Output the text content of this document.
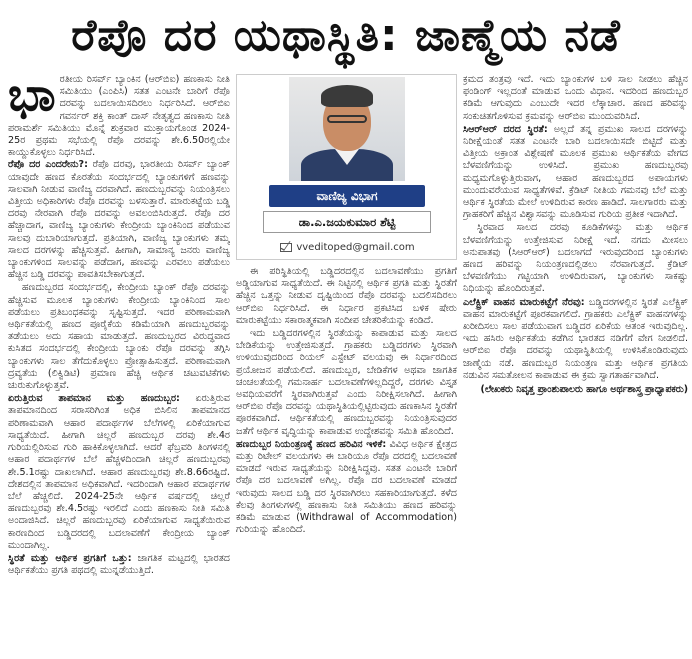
ರೆಪೊ ದರ ಯಥಾಸ್ಥಿತಿ: ಜಾಣ್ಮೆಯ ನಡೆ
ಭಾರತೀಯ ರಿಸರ್ವ್ ಬ್ಯಾಂಕಿನ (ಆರ್‌ಬಿಐ) ಹಣಕಾಸು ನೀತಿ ಸಮಿತಿಯು (ಎಂಪಿಸಿ) ಸತತ ಎಂಟನೇ ಬಾರಿಗೆ ರೆಪೊ ದರವನ್ನು ಬದಲಾಯಿಸದಿರಲು ನಿರ್ಧರಿಸಿದೆ. ಆರ್‌ಬಿಐ ಗವರ್ನರ್ ಶಕ್ತಿ ಕಾಂತ್ ದಾಸ್ ನೇತೃತ್ವದ ಹಣಕಾಸು ನೀತಿ ಪರಾಮರ್ಶೆ ಸಮಿತಿಯು ಮೊನ್ನೆ ಶುಕ್ರವಾರ ಮುಕ್ತಾಯಗೊಂಡ 2024-25ರ ಪ್ರಥಮ ಸಭೆಯಲ್ಲಿ ರೆಪೊ ದರವನ್ನು ಶೇ.6.50ರಲ್ಲಿಯೇ ಕಾಯ್ದುಕೊಳ್ಳಲು ನಿರ್ಧರಿಸಿದೆ.

ರೆಪೊ ದರ ಎಂದರೇನು?: ರೆಪೊ ದರವು, ಭಾರತೀಯ ರಿಸರ್ವ್ ಬ್ಯಾಂಕ್ ಯಾವುದೇ ಹಣದ ಕೊರತೆಯ ಸಂದರ್ಭದಲ್ಲಿ ಬ್ಯಾಂಕುಗಳಿಗೆ ಹಣವನ್ನು ಸಾಲವಾಗಿ ನೀಡುವ ವಾಣಿಜ್ಯ ದರವಾಗಿದೆ. ಹಣದುಬ್ಬರವನ್ನು ನಿಯಂತ್ರಿಸಲು ವಿತ್ತೀಯ ಅಧಿಕಾರಿಗಳು ರೆಪೊ ದರವನ್ನು ಬಳಸುತ್ತಾರೆ. ಮಾರುಕಟ್ಟೆಯ ಬಡ್ಡಿ ದರವು ನೇರವಾಗಿ ರೆಪೊ ದರವನ್ನು ಅವಲಂಬಿಸಿರುತ್ತದೆ. ರೆಪೊ ದರ ಹೆಚ್ಚಾದಾಗ, ವಾಣಿಜ್ಯ ಬ್ಯಾಂಕುಗಳು ಕೇಂದ್ರೀಯ ಬ್ಯಾಂಕಿನಿಂದ ಪಡೆಯುವ ಸಾಲವು ದುಬಾರಿಯಾಗುತ್ತದೆ. ಪ್ರತಿಯಾಗಿ, ವಾಣಿಜ್ಯ ಬ್ಯಾಂಕುಗಳು ತಮ್ಮ ಸಾಲದ ದರಗಳನ್ನು ಹೆಚ್ಚಿಸುತ್ತವೆ. ಹೀಗಾಗಿ, ಸಾಮಾನ್ಯ ಜನರು ವಾಣಿಜ್ಯ ಬ್ಯಾಂಕುಗಳಿಂದ ಸಾಲವನ್ನು ಪಡೆದಾಗ, ಹಣವನ್ನು ಎರವಲು ಪಡೆಯಲು ಹೆಚ್ಚಿನ ಬಡ್ಡಿ ದರವನ್ನು ಪಾವತಿಸಬೇಕಾಗುತ್ತದೆ.

ಹಣದುಬ್ಬರದ ಸಂದರ್ಭದಲ್ಲಿ, ಕೇಂದ್ರೀಯ ಬ್ಯಾಂಕ್ ರೆಪೊ ದರವನ್ನು ಹೆಚ್ಚಿಸುವ ಮೂಲಕ ಬ್ಯಾಂಕುಗಳು ಕೇಂದ್ರೀಯ ಬ್ಯಾಂಕಿನಿಂದ ಸಾಲ ಪಡೆಯಲು ಪ್ರತಿಬಂಧಕವನ್ನು ಸೃಷ್ಟಿಸುತ್ತದೆ. ಇದರ ಪರಿಣಾಮವಾಗಿ ಆರ್ಥಿಕತೆಯಲ್ಲಿ ಹಣದ ಪೂರೈಕೆಯ ಕಡಿಮೆಯಾಗಿ ಹಣದುಬ್ಬರವನ್ನು ತಡೆಯಲು ಅದು ಸಹಾಯ ಮಾಡುತ್ತದೆ. ಹಣದುಬ್ಬರದ ವಿರುದ್ಧವಾದ ಕುಸಿತದ ಸಂದರ್ಭದಲ್ಲಿ ಕೇಂದ್ರೀಯ ಬ್ಯಾಂಕು ರೆಪೊ ದರವನ್ನು ತಗ್ಗಿಸಿ ಬ್ಯಾಂಕುಗಳು ಸಾಲ ತೆಗೆದುಕೊಳ್ಳಲು ಪ್ರೋತ್ಸಾಹಿಸುತ್ತದೆ. ಪರಿಣಾಮವಾಗಿ ದ್ರವ್ಯತೆಯ (ಲಿಕ್ವಿಡಿಟಿ) ಪ್ರಮಾಣ ಹೆಚ್ಚಿ ಆರ್ಥಿಕ ಚಟುವಟಿಕೆಗಳು ಚುರುಕುಗೊಳ್ಳುತ್ತವೆ.

ಏರುತ್ತಿರುವ ತಾಪಮಾನ ಮತ್ತು ಹಣದುಬ್ಬರ: ಏರುತ್ತಿರುವ ತಾಪಮಾನದಿಂದ ಸರಾಸರಿಗಿಂತ ಅಧಿಕ ಬಿಸಿಲಿನ ತಾಪಮಾನದ ಪರಿಣಾಮವಾಗಿ ಆಹಾರ ಪದಾರ್ಥಗಳ ಬೆಲೆಗಳಲ್ಲಿ ಏರಿಕೆಯಾಗುವ ಸಾಧ್ಯತೆಯಿದೆ. ಹೀಗಾಗಿ ಚಿಲ್ಲರೆ ಹಣದುಬ್ಬರ ದರವು ಶೇ.4ರ ಗುರಿಯಲ್ಲಿರಿಸುವ ಗುರಿ ಹಾಕಿಕೊಳ್ಳಲಾಗಿದೆ. ಆದರೆ ಫೆಬ್ರವರಿ ತಿಂಗಳನಲ್ಲಿ ಆಹಾರ ಪದಾರ್ಥಗಳ ಬೆಲೆ ಹೆಚ್ಚಳದಿಂದಾಗಿ ಚಿಲ್ಲರೆ ಹಣದುಬ್ಬರವು ಶೇ.5.1ರಷ್ಟು ದಾಖಲಾಗಿದೆ. ಆಹಾರ ಹಣದುಬ್ಬರವು ಶೇ.8.66ರಷ್ಟಿದೆ. ದೇಶದಲ್ಲಿನ ತಾಪಮಾನ ಅಧಿಕವಾಗಿದೆ. ಇದರಿಂದಾಗಿ ಆಹಾರ ಪದಾರ್ಥಗಳ ಬೆಲೆ ಹೆಚ್ಚಲಿದೆ. 2024-25ನೇ ಆರ್ಥಿಕ ವರ್ಷದಲ್ಲಿ ಚಿಲ್ಲರೆ ಹಣದುಬ್ಬರವು ಶೇ.4.5ರಷ್ಟು ಇರಲಿದೆ ಎಂದು ಹಣಕಾಸು ನೀತಿ ಸಮಿತಿ ಅಂದಾಜಿಸಿದೆ. ಚಿಲ್ಲರೆ ಹಣದುಬ್ಬರವು ಏರಿಕೆಯಾಗುವ ಸಾಧ್ಯತೆಯಿರುವ ಕಾರಣದಿಂದ ಬಡ್ಡಿದರದಲ್ಲಿ ಬದಲಾವಣೆಗೆ ಕೇಂದ್ರೀಯ ಬ್ಯಾಂಕ್ ಮುಂದಾಗಿಲ್ಲ.

ಸ್ಥಿರತೆ ಮತ್ತು ಆರ್ಥಿಕ ಪ್ರಗತಿಗೆ ಒತ್ತು: ಜಾಗತಿಕ ಮಟ್ಟದಲ್ಲಿ ಭಾರತದ ಆರ್ಥಿಕತೆಯು ಪ್ರಗತಿ ಪಥದಲ್ಲಿ ಮುನ್ನಡೆಯುತ್ತಿದೆ.

ವಾಣಿಜ್ಯ ವಿಭಾಗ
ಡಾ.ಎ.ಜಯಕುಮಾರ ಶೆಟ್ಟಿ
vveditoped@gmail.com

ಈ ಪರಿಸ್ಥಿತಿಯಲ್ಲಿ ಬಡ್ಡಿದರದಲ್ಲಿನ ಬದಲಾವಣೆಯು ಪ್ರಗತಿಗೆ ಅಡ್ಡಿಯಾಗುವ ಸಾಧ್ಯತೆಯಿದೆ. ಈ ನಿಟ್ಟಿನಲ್ಲಿ ಆರ್ಥಿಕ ಪ್ರಗತಿ ಮತ್ತು ಸ್ಥಿರತೆಗೆ ಹೆಚ್ಚಿನ ಒತ್ತನ್ನು ನೀಡುವ ದೃಷ್ಟಿಯಿಂದ ರೆಪೊ ದರವನ್ನು ಬದಲಿಸದಿರಲು ಆರ್‌ಬಿಐ ನಿರ್ಧರಿಸಿದೆ. ಈ ನಿರ್ಧಾರ ಪ್ರಕಟಿಸಿದ ಬಳಿಕ ಷೇರು ಮಾರುಕಟ್ಟೆಯು ಸಕಾರಾತ್ಮಕವಾಗಿ ಸಂದೀಪ ಚೇತರಿಕೆಯನ್ನು ಕಂಡಿದೆ.

ಇದು ಬಡ್ಡಿದರಗಳಲ್ಲಿನ ಸ್ಥಿರತೆಯನ್ನು ಕಾಪಾಡುವ ಮತ್ತು ಸಾಲದ ಬೇಡಿಕೆಯನ್ನು ಉತ್ತೇಜಿಸುತ್ತದೆ. ಗ್ರಾಹಕರು ಬಡ್ಡಿದರಗಳು ಸ್ಥಿರವಾಗಿ ಉಳಿಯುವುದರಿಂದ ರಿಯಲ್ ಎಸ್ಟೇಟ್ ವಲಯವು ಈ ನಿರ್ಧಾರದಿಂದ ಪ್ರಯೋಜನ ಪಡೆಯಲಿದೆ. ಹಣದುಬ್ಬರ, ಬೇಡಿಕೆಗಳ ಅಥವಾ ಜಾಗತಿಕ ಚಂಚಲತೆಯಲ್ಲಿ ಗಮನಾರ್ಹ ಬದಲಾವಣೆಗಳಿಲ್ಲದಿದ್ದರೆ, ದರಗಳು ವಿಸ್ತೃತ ಅವಧಿಯವರೆಗೆ ಸ್ಥಿರವಾಗಿರುತ್ತವೆ ಎಂದು ನಿರೀಕ್ಷಿಸಲಾಗಿದೆ. ಹೀಗಾಗಿ ಆರ್‌ಬಿಐ ರೆಪೊ ದರವನ್ನು ಯಥಾಸ್ಥಿತಿಯಲ್ಲಿಟ್ಟಿರುವುದು ಹಣಕಾಸಿನ ಸ್ಥಿರತೆಗೆ ಪೂರಕವಾಗಿದೆ. ಆರ್ಥಿಕತೆಯಲ್ಲಿ ಹಣದುಬ್ಬರವನ್ನು ನಿಯಂತ್ರಿಸುವುದರ ಜತೆಗೆ ಆರ್ಥಿಕ ವೃದ್ಧಿಯನ್ನು ಕಾಪಾಡುವ ಉದ್ದೇಶವನ್ನು ಸಮಿತಿ ಹೊಂದಿದೆ.

ಹಣದುಬ್ಬರ ನಿಯಂತ್ರಣಕ್ಕೆ ಹಣದ ಹರಿವಿನ ಇಳಿಕೆ: ವಿವಿಧ ಅರ್ಥಿಕ ಕ್ಷೇತ್ರದ ಮತ್ತು ರಿಟೇಲ್ ವಲಯಗಳು ಈ ಬಾರಿಯೂ ರೆಪೊ ದರದಲ್ಲಿ ಬದಲಾವಣೆ ಮಾಡದೆ ಇರುವ ಸಾಧ್ಯತೆಯನ್ನು ನಿರೀಕ್ಷಿಸಿದ್ದವು. ಸತತ ಎಂಟನೇ ಬಾರಿಗೆ ರೆಪೊ ದರ ಬದಲಾವಣೆ ಅಗಿಲ್ಲ. ರೆಪೊ ದರ ಬದಲಾವಣೆ ಮಾಡದೆ ಇರುವುದು ಸಾಲದ ಬಡ್ಡಿ ದರ ಸ್ಥಿರವಾಗಿರಲು ಸಹಕಾರಿಯಾಗುತ್ತದೆ. ಕಳೆದ ಕೆಲವು ತಿಂಗಳುಗಳಲ್ಲಿ ಹಣಕಾಸು ನೀತಿ ಸಮಿತಿಯು ಹಣದ ಹರಿವನ್ನು ಕಡಿಮೆ ಮಾಡುವ (Withdrawal of Accommodation) ಗುರಿಯನ್ನು ಹೊಂದಿದೆ.

ಕ್ರಮದ ತಂತ್ರವು ಇದೆ. ಇದು ಬ್ಯಾಂಕುಗಳ ಬಳಿ ಸಾಲ ನೀಡಲು ಹೆಚ್ಚಿನ ಫಂಡಿಂಗ್ ಇಲ್ಲದಂತೆ ಮಾಡುವ ಒಂದು ವಿಧಾನ. ಇದರಿಂದ ಹಣದುಬ್ಬರ ಕಡಿಮೆ ಆಗುವುದು ಎಂಬುದೇ ಇದರ ಲೆಕ್ಕಾಚಾರ. ಹಣದ ಹರಿವನ್ನು ಸಂಕುಚಿತಗೊಳಿಸುವ ಕ್ರಮವನ್ನು ಆರ್‌ಬಿಐ ಮುಂದುವರಿಸಿದೆ.

ಸಿಆರ್‌ಆರ್ ದರದ ಸ್ಥಿರತೆ: ಅಲ್ಲದೆ ತನ್ನ ಪ್ರಮುಖ ಸಾಲದ ದರಗಳನ್ನು ನಿರೀಕ್ಷೆಯಂತೆ ಸತತ ಎಂಟನೇ ಬಾರಿ ಬದಲಾಯಿಸದೇ ಬಿಟ್ಟಿದೆ ಮತ್ತು ವಿತ್ತೀಯ ಅಕ್ರಾಂತ ವಿಶ್ಲೇಷಣೆ ಮೂಲಕ ಪ್ರಮುಖ ಆರ್ಥಿಕತೆಯ ವೇಗದ ಬೆಳವಣಿಗೆಯನ್ನು ಉಳಿಸಿದೆ. ಪ್ರಮುಖ ಹಣದುಬ್ಬರವು ಮಧ್ಯಮಗೊಳ್ಳುತ್ತಿರುವಾಗ, ಆಹಾರ ಹಣದುಬ್ಬರದ ಅಪಾಯಗಳು ಮುಂದುವರೆಯುವ ಸಾಧ್ಯತೆಗಳಿವೆ. ಕ್ರೆಡಿಟ್ ನೀತಿಯ ಗಮನವು ಬೆಲೆ ಮತ್ತು ಆರ್ಥಿಕ ಸ್ಥಿರತೆಯ ಮೇಲೆ ಉಳಿದಿರುವ ಕಾರಣ ಹಾಡಿದೆ. ಸಾಲಗಾರರು ಮತ್ತು ಗ್ರಾಹಕರಿಗೆ ಹೆಚ್ಚಿನ ವಿಶ್ವಾಸವನ್ನು ಮೂಡಿಸುವ ಗುರಿಯ ಪ್ರತೀಕ ಇದಾಗಿದೆ.

ಸ್ಥಿರವಾದ ಸಾಲದ ದರವು ಕೂಡಿಕೆಗಳನ್ನು ಮತ್ತು ಆರ್ಥಿಕ ಬೆಳವಣಿಗೆಯನ್ನು ಉತ್ತೇಜಿಸುವ ನಿರೀಕ್ಷೆ ಇದೆ. ನಗದು ಮೀಸಲು ಅನುಪಾತವು (ಸಿಆರ್‌ಆರ್) ಬದಲಾಗದೆ ಇರುವುದರಿಂದ ಬ್ಯಾಂಕುಗಳು ಹಣದ ಹರಿವನ್ನು ನಿಯಂತ್ರಣದಲ್ಲಿಡಲು ನೆರವಾಗುತ್ತದೆ. ಕ್ರೆಡಿಟ್ ಬೆಳವಣಿಗೆಯು ಗಟ್ಟಿಯಾಗಿ ಉಳಿದಿರುವಾಗ, ಬ್ಯಾಂಕುಗಳು ಸಾಕಷ್ಟು ನಿಧಿಯನ್ನು ಹೊಂದಿರುತ್ತವೆ.

ಎಲೆಕ್ಟ್ರಿಕ್ ವಾಹನ ಮಾರುಕಟ್ಟೆಗೆ ನೆರವು: ಬಡ್ಡಿದರಗಳಲ್ಲಿನ ಸ್ಥಿರತೆ ಎಲೆಕ್ಟ್ರಿಕ್ ವಾಹನ ಮಾರುಕಟ್ಟೆಗೆ ಪೂರಕವಾಗಲಿದೆ. ಗ್ರಾಹಕರು ಎಲೆಕ್ಟ್ರಿಕ್ ವಾಹನಗಳನ್ನು ಖರೀದಿಸಲು ಸಾಲ ಪಡೆಯುವಾಗ ಬಡ್ಡಿದರ ಏರಿಕೆಯ ಆತಂಕ ಇರುವುದಿಲ್ಲ. ಇದು ಹಸಿರು ಆರ್ಥಿಕತೆಯ ಕಡೆಗಿನ ಭಾರತದ ನಡಿಗೆಗೆ ವೇಗ ನೀಡಲಿದೆ. ಆರ್‌ಬಿಐ ರೆಪೊ ದರವನ್ನು ಯಥಾಸ್ಥಿತಿಯಲ್ಲಿ ಉಳಿಸಿಕೊಂಡಿರುವುದು ಜಾಣ್ಮೆಯ ನಡೆ. ಹಣದುಬ್ಬರ ನಿಯಂತ್ರಣ ಮತ್ತು ಆರ್ಥಿಕ ಪ್ರಗತಿಯ ನಡುವಿನ ಸಮತೋಲನ ಕಾಪಾಡುವ ಈ ಕ್ರಮ ಸ್ವಾಗತಾರ್ಹವಾಗಿದೆ.

(ಲೇಖಕರು ನಿವೃತ್ತ ಪ್ರಾಂಶುಪಾಲರು ಹಾಗೂ ಅರ್ಥಶಾಸ್ತ್ರ ಪ್ರಾಧ್ಯಾಪಕರು)
